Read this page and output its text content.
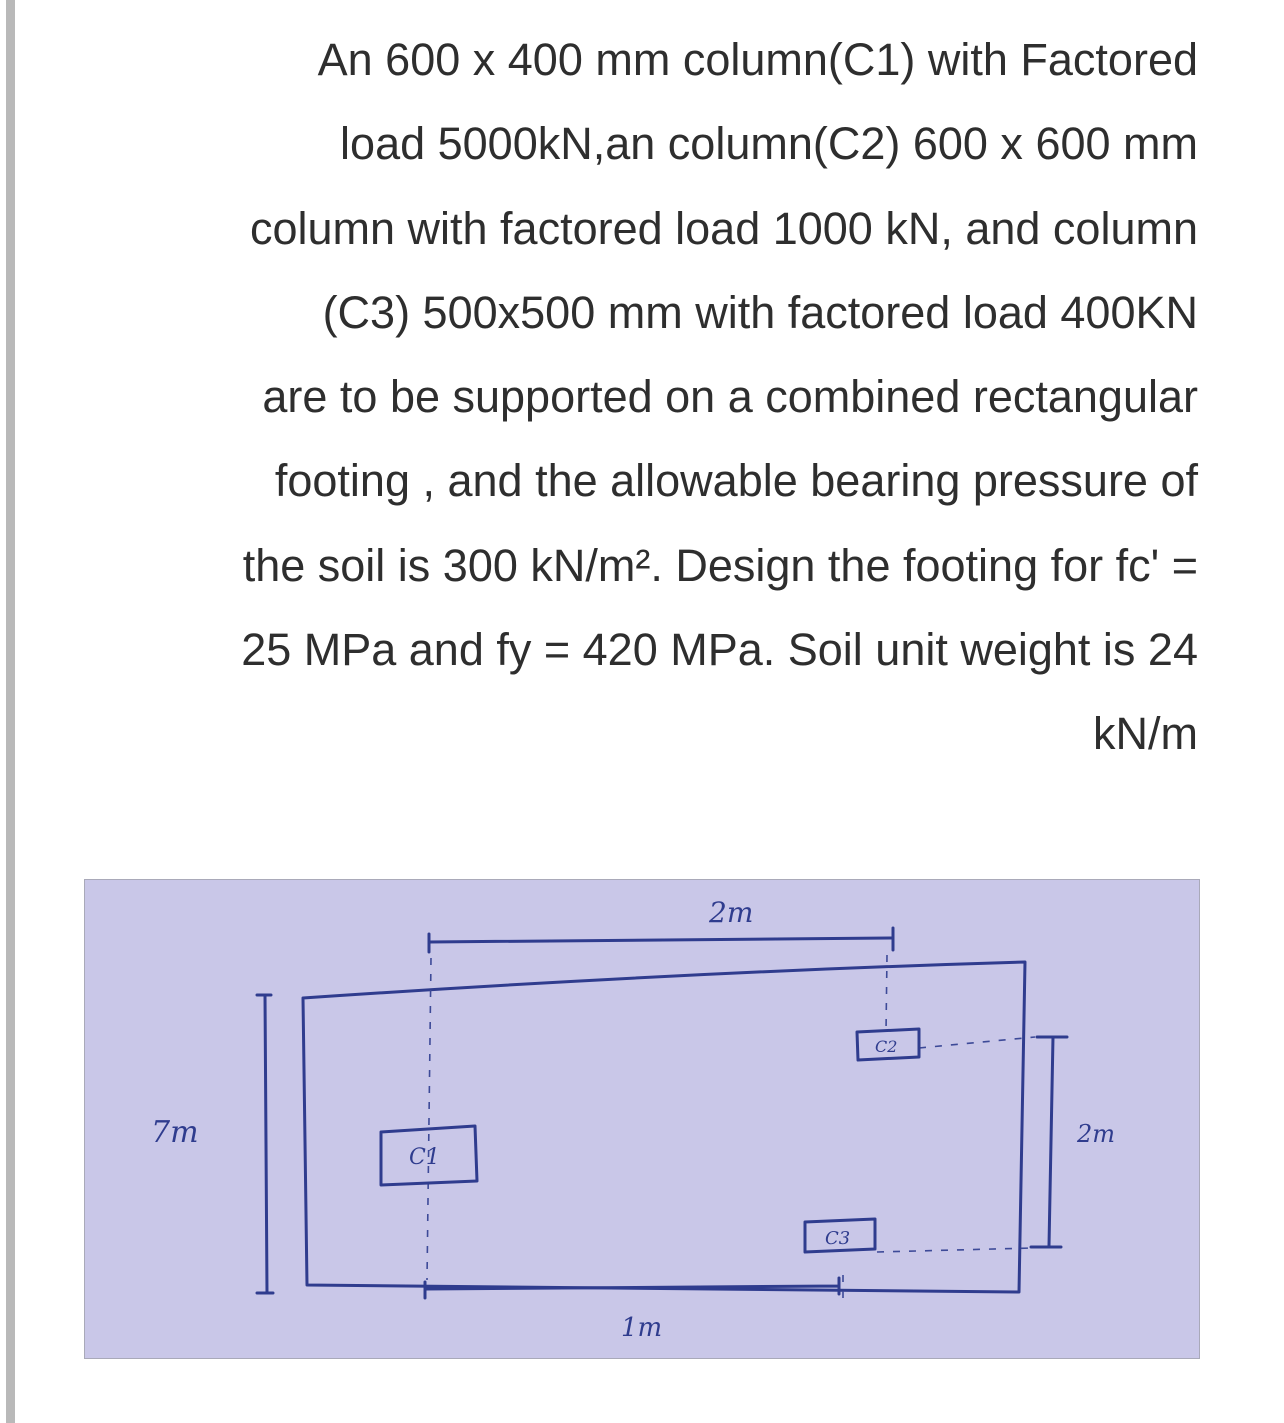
An 600 x 400 mm column(C1) with Factored
load 5000kN,an column(C2) 600 x 600 mm
column with factored load 1000 kN, and column
(C3) 500x500 mm with factored load 400KN
are to be supported on a combined rectangular
footing , and the allowable bearing pressure of
the soil is 300 kN/m². Design the footing for fc' =
25 MPa and fy = 420 MPa. Soil unit weight is 24
kN/m
C1
C2
C3
7m
2m
2m
1m
